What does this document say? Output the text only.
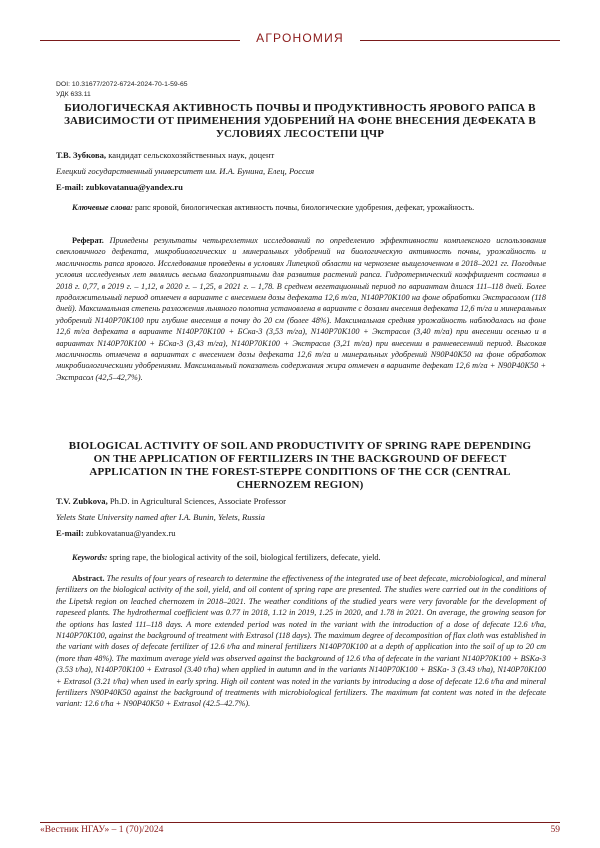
АГРОНОМИЯ
DOI: 10.31677/2072-6724-2024-70-1-59-65
УДК 633.11
БИОЛОГИЧЕСКАЯ АКТИВНОСТЬ ПОЧВЫ И ПРОДУКТИВНОСТЬ ЯРОВОГО РАПСА В ЗАВИСИМОСТИ ОТ ПРИМЕНЕНИЯ УДОБРЕНИЙ НА ФОНЕ ВНЕСЕНИЯ ДЕФЕКАТА В УСЛОВИЯХ ЛЕСОСТЕПИ ЦЧР
Т.В. Зубкова, кандидат сельскохозяйственных наук, доцент
Елецкий государственный университет им. И.А. Бунина, Елец, Россия
E-mail: zubkovatanua@yandex.ru
Ключевые слова: рапс яровой, биологическая активность почвы, биологические удобрения, дефекат, урожайность.
Реферат. Приведены результаты четырехлетних исследований по определению эффективности комплексного использования свекловичного дефеката, микробиологических и минеральных удобрений на биологическую активность почвы, урожайность и масличность рапса ярового. Исследования проведены в условиях Липецкой области на черноземе выщелоченном в 2018–2021 гг. Погодные условия исследуемых лет являлись весьма благоприятными для развития растений рапса. Гидротермический коэффициент составил в 2018 г. 0,77, в 2019 г. – 1,12, в 2020 г. – 1,25, в 2021 г. – 1,78. В среднем вегетационный период по вариантам длился 111–118 дней. Более продолжительный период отмечен в варианте с внесением дозы дефеката 12,6 т/га, N140P70K100 на фоне обработки Экстрасолом (118 дней). Максимальная степень разложения льняного полотна установлена в варианте с дозами внесения дефеката 12,6 т/га и минеральных удобрений N140P70K100 при глубине внесения в почву до 20 см (более 48%). Максимальная средняя урожайность наблюдалась на фоне 12,6 т/га дефеката в варианте N140P70K100 + БСка-3 (3,53 т/га), N140P70K100 + Экстрасол (3,40 т/га) при внесении осенью и в вариантах N140P70K100 + БСка-3 (3,43 т/га), N140P70K100 + Экстрасол (3,21 т/га) при внесении в ранневесенний период. Высокая масличность отмечена в вариантах с внесением дозы дефеката 12,6 т/га и минеральных удобрений N90P40K50 на фоне обработок микробиологическими удобрениями. Максимальный показатель содержания жира отмечен в варианте дефекат 12,6 т/га + N90P40K50 + Экстрасол (42,5–42,7%).
BIOLOGICAL ACTIVITY OF SOIL AND PRODUCTIVITY OF SPRING RAPE DEPENDING ON THE APPLICATION OF FERTILIZERS IN THE BACKGROUND OF DEFECT APPLICATION IN THE FOREST-STEPPE CONDITIONS OF THE CCR (CENTRAL CHERNOZEM REGION)
T.V. Zubkova, Ph.D. in Agricultural Sciences, Associate Professor
Yelets State University named after I.A. Bunin, Yelets, Russia
E-mail: zubkovatanua@yandex.ru
Keywords: spring rape, the biological activity of the soil, biological fertilizers, defecate, yield.
Abstract. The results of four years of research to determine the effectiveness of the integrated use of beet defecate, microbiological, and mineral fertilizers on the biological activity of the soil, yield, and oil content of spring rape are presented. The studies were carried out in the conditions of the Lipetsk region on leached chernozem in 2018–2021. The weather conditions of the studied years were very favorable for the development of rapeseed plants. The hydrothermal coefficient was 0.77 in 2018, 1.12 in 2019, 1.25 in 2020, and 1.78 in 2021. On average, the growing season for the options has lasted 111–118 days. A more extended period was noted in the variant with the introduction of a dose of defecate 12.6 t/ha, N140P70K100, against the background of treatment with Extrasol (118 days). The maximum degree of decomposition of flax cloth was established in the variant with doses of defecate fertilizer of 12.6 t/ha and mineral fertilizers N140P70K100 at a depth of application into the soil of up to 20 cm (more than 48%). The maximum average yield was observed against the background of 12.6 t/ha of defecate in the variant N140P70K100 + BSKa-3 (3.53 t/ha), N140P70K100 + Extrasol (3.40 t/ha) when applied in autumn and in the variants N140P70K100 + BSKa- 3 (3.43 t/ha), N140P70K100 + Extrasol (3.21 t/ha) when used in early spring. High oil content was noted in the variants by introducing a dose of defecate 12.6 t/ha and mineral fertilizers N90P40K50 against the background of treatments with microbiological fertilizers. The maximum fat content was noted in the defecate variant: 12.6 t/ha + N90P40K50 + Extrasol (42.5–42.7%).
«Вестник НГАУ» – 1 (70)/2024	59
